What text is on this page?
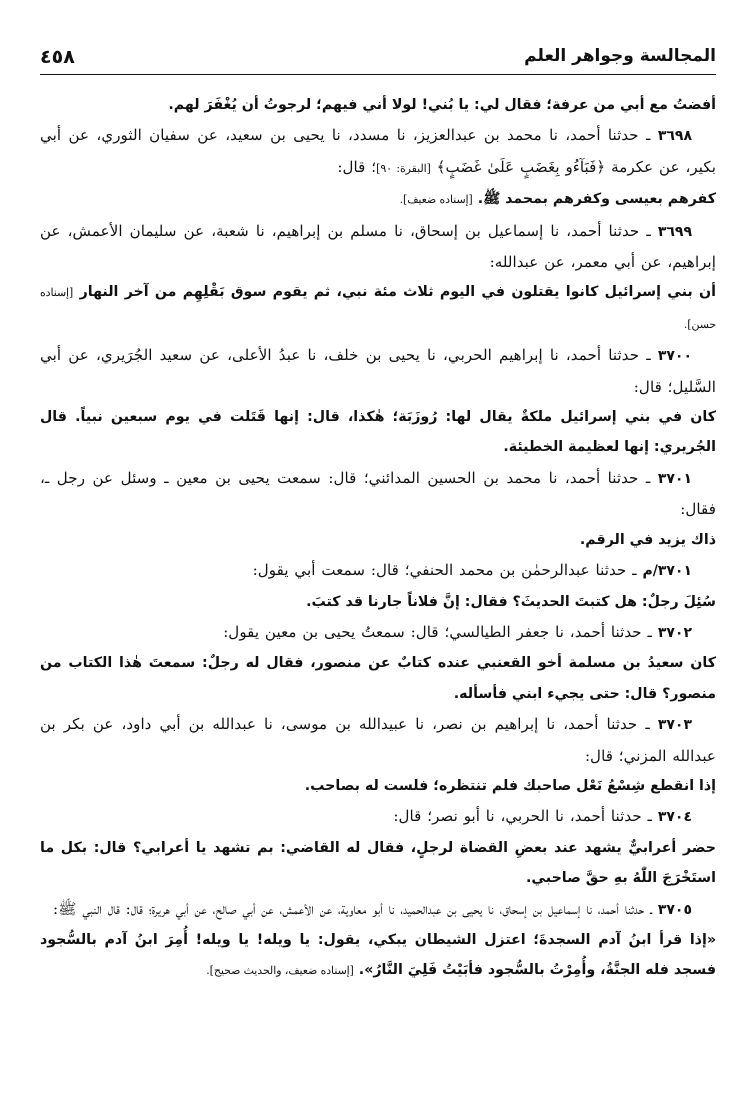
٤٥٨	المجالسة وجواهر العلم

أفضتُ مع أبي من عرفة؛ فقال لي: يا بُني! لولا أني فيهم؛ لرجوتُ أن يُغْفَرَ لهم.

٣٦٩٨ ـ حدثنا أحمد، نا محمد بن عبدالعزيز، نا مسدد، نا يحيى بن سعيد، عن سفيان الثوري، عن أبي بكير، عن عكرمة ﴿فَبَآءُو بِغَضَبٍ عَلَىٰ غَضَبٍ﴾ [البقرة: ٩٠]؛ قال:

كفرهم بعيسى وكفرهم بمحمد ﷺ. [إسناده ضعيف].

٣٦٩٩ ـ حدثنا أحمد، نا إسماعيل بن إسحاق، نا مسلم بن إبراهيم، نا شعبة، عن سليمان الأعمش، عن إبراهيم، عن أبي معمر، عن عبدالله:

أن بني إسرائيل كانوا يقتلون في اليوم ثلاث مئة نبي، ثم يقوم سوق بَقْلِهِم من آخر النهار [إسناده حسن].

٣٧٠٠ ـ حدثنا أحمد، نا إبراهيم الحربي، نا يحيى بن خلف، نا عبدُ الأعلى، عن سعيد الجُرَيري، عن أبي السَّليل؛ قال:

كان في بني إسرائيل ملكةٌ يقال لها: رُوزَبَة؛ هٰكذا، قال: إنها قَتَلت في يوم سبعين نبياً. قال الجُريري: إنها لعظيمة الخطيئة.

٣٧٠١ ـ حدثنا أحمد، نا محمد بن الحسين المدائني؛ قال: سمعت يحيى بن معين ـ وسئل عن رجل ـ، فقال:

ذاك يزيد في الرقم.

٣٧٠١/م ـ حدثنا عبدالرحمٰن بن محمد الحنفي؛ قال: سمعت أبي يقول:

سُئِلَ رجلٌ: هل كتبتَ الحديثَ؟ فقال: إنَّ فلاناً جارنا قد كتبَ.

٣٧٠٢ ـ حدثنا أحمد، نا جعفر الطيالسي؛ قال: سمعتُ يحيى بن معين يقول:

كان سعيدُ بن مسلمة أخو القعنبي عنده كتابٌ عن منصور، فقال له رجلٌ: سمعتَ هٰذا الكتاب من منصور؟ قال: حتى يجيء ابني فأسأله.

٣٧٠٣ ـ حدثنا أحمد، نا إبراهيم بن نصر، نا عبيدالله بن موسى، نا عبدالله بن أبي داود، عن بكر بن عبدالله المزني؛ قال:

إذا انقطع شِسْعُ نَعْل صاحبك فلم تنتظره؛ فلست له بصاحب.

٣٧٠٤ ـ حدثنا أحمد، نا الحربي، نا أبو نصر؛ قال:

حضر أعرابيٌّ يشهد عند بعضِ القضاة لرجلٍ، فقال له القاضي: بم تشهد يا أعرابي؟ قال: بكل ما استَخْرَجَ اللّٰهُ بهِ حقَّ صاحبي.

٣٧٠٥ ـ حدثنا أحمد، نا إسماعيل بن إسحاق، نا يحيى بن عبدالحميد، نا أبو معاوية، عن الأعمش، عن أبي صالح، عن أبي هريرة؛ قال: قال النبي ﷺ:

«إذا قرأ ابنُ آدم السجدةَ؛ اعتزل الشيطان يبكي، يقول: يا ويله! يا ويله! أُمِرَ ابنُ آدم بالسُّجود فسجد فله الجنَّةُ، وأُمِرْتُ بالسُّجود فأبَيْتُ فَلِيَ النَّارُ». [إسناده ضعيف، والحديث صحيح].
